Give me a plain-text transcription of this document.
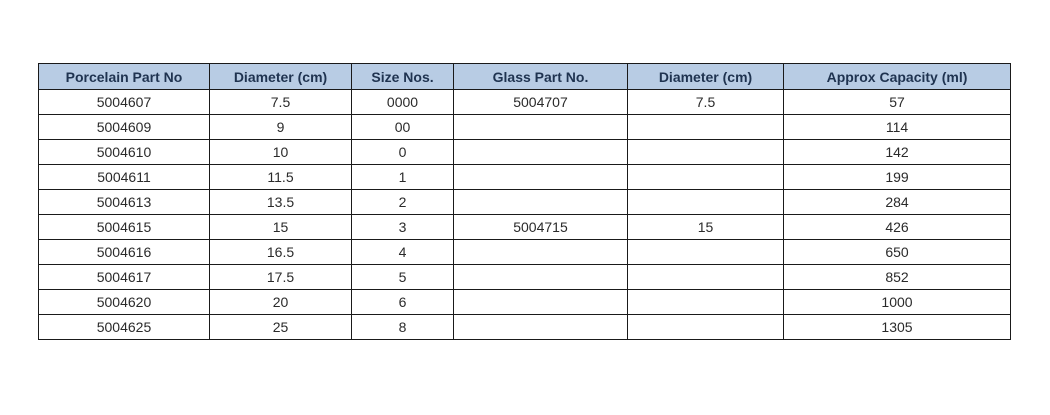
Porcelain Part No	Diameter (cm)	Size Nos.	Glass Part No.	Diameter (cm)	Approx Capacity (ml)
5004607	7.5	0000	5004707	7.5	57
5004609	9	00			114
5004610	10	0			142
5004611	11.5	1			199
5004613	13.5	2			284
5004615	15	3	5004715	15	426
5004616	16.5	4			650
5004617	17.5	5			852
5004620	20	6			1000
5004625	25	8			1305
